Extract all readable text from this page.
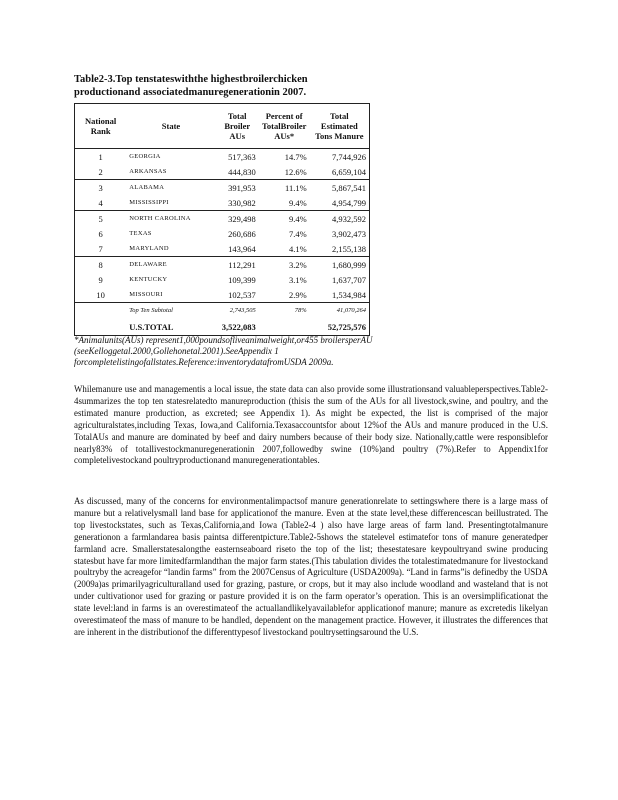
Table2-3.Top tenstateswiththe highestbroilerchicken
productionand associatedmanuregenerationin 2007.
National Rank	State	Total Broiler AUs	Percent of TotalBroiler AUs*	Total Estimated Tons Manure
1	GEORGIA	517,363	14.7%	7,744,926
2	ARKANSAS	444,830	12.6%	6,659,104
3	ALABAMA	391,953	11.1%	5,867,541
4	MISSISSIPPI	330,982	9.4%	4,954,799
5	NORTH CAROLINA	329,498	9.4%	4,932,592
6	TEXAS	260,686	7.4%	3,902,473
7	MARYLAND	143,964	4.1%	2,155,138
8	DELAWARE	112,291	3.2%	1,680,999
9	KENTUCKY	109,399	3.1%	1,637,707
10	MISSOURI	102,537	2.9%	1,534,984
	Top Ten Subtotal	2,743,505	78%	41,070,264
	U.S.TOTAL	3,522,083		52,725,576
*Animalunits(AUs) represent1,000poundsofliveanimalweight,or455 broilersperAU (seeKelloggetal.2000,Gollehonetal.2001).SeeAppendix 1 forcompletelistingofallstates.Reference:inventorydatafromUSDA 2009a.

Whilemanure use and managementis a local issue, the state data can also provide some illustrationsand valuableperspectives.Table2-4summarizes the top ten statesrelatedto manureproduction (thisis the sum of the AUs for all livestock,swine, and poultry, and the estimated manure production, as excreted; see Appendix 1). As might be expected, the list is comprised of the major agriculturalstates,including Texas, Iowa,and California.Texasaccountsfor about 12%of the AUs and manure produced in the U.S. TotalAUs and manure are dominated by beef and dairy numbers because of their body size. Nationally,cattle were responsiblefor nearly83% of totallivestockmanuregenerationin 2007,followedby swine (10%)and poultry (7%).Refer to Appendix1for completelivestockand poultryproductionand manuregenerationtables.

As discussed, many of the concerns for environmentalimpactsof manure generationrelate to settingswhere there is a large mass of manure but a relativelysmall land base for applicationof the manure. Even at the state level,these differencescan beillustrated. The top livestockstates, such as Texas,California,and Iowa (Table2-4 ) also have large areas of farm land. Presentingtotalmanure generationon a farmlandarea basis paintsa differentpicture.Table2-5shows the statelevel estimatefor tons of manure generatedper farmland acre. Smallerstatesalongthe easternseaboard riseto the top of the list; thesestatesare keypoultryand swine producing statesbut have far more limitedfarmlandthan the major farm states.(This tabulation divides the totalestimatedmanure for livestockand poultryby the acreagefor “landin farms” from the 2007Census of Agriculture (USDA2009a). “Land in farms”is definedby the USDA (2009a)as primarilyagriculturalland used for grazing, pasture, or crops, but it may also include woodland and wasteland that is not under cultivationor used for grazing or pasture provided it is on the farm operator’s operation. This is an oversimplificationat the state level:land in farms is an overestimateof the actuallandlikelyavailablefor applicationof manure; manure as excretedis likelyan overestimateof the mass of manure to be handled, dependent on the management practice. However, it illustrates the differences that are inherent in the distributionof the differenttypesof livestockand poultrysettingsaround the U.S.
